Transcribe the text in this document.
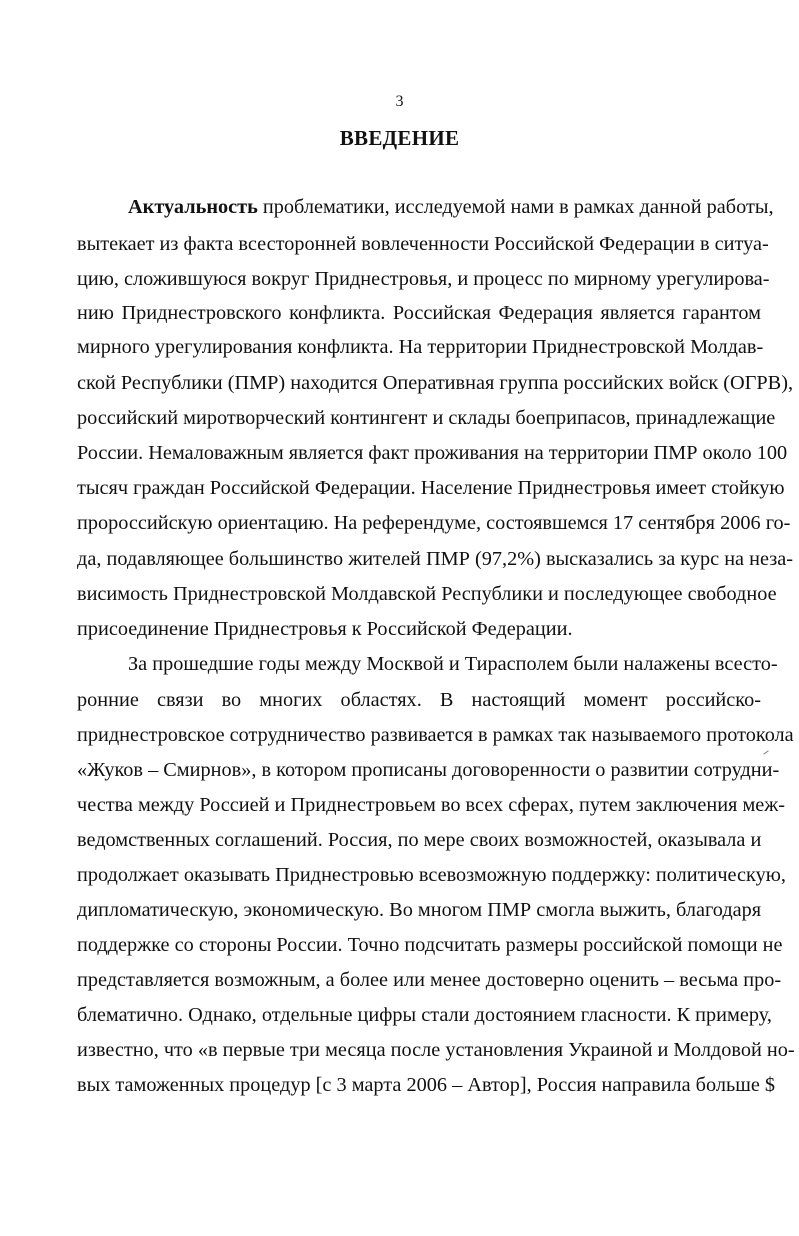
3
ВВЕДЕНИЕ
Актуальность проблематики, исследуемой нами в рамках данной работы,
вытекает из факта всесторонней вовлеченности Российской Федерации в ситуа-
цию, сложившуюся вокруг Приднестровья, и процесс по мирному урегулирова-
нию Приднестровского конфликта. Российская Федерация является гарантом
мирного урегулирования конфликта. На территории Приднестровской Молдав-
ской Республики (ПМР) находится Оперативная группа российских войск (ОГРВ),
российский миротворческий контингент и склады боеприпасов, принадлежащие
России. Немаловажным является факт проживания на территории ПМР около 100
тысяч граждан Российской Федерации. Население Приднестровья имеет стойкую
пророссийскую ориентацию. На референдуме, состоявшемся 17 сентября 2006 го-
да, подавляющее большинство жителей ПМР (97,2%) высказались за курс на неза-
висимость Приднестровской Молдавской Республики и последующее свободное
присоединение Приднестровья к Российской Федерации.
За прошедшие годы между Москвой и Тирасполем были налажены всесто-
ронние связи во многих областях. В настоящий момент российско-
приднестровское сотрудничество развивается в рамках так называемого протокола
«Жуков – Смирнов», в котором прописаны договоренности о развитии сотрудни-
чества между Россией и Приднестровьем во всех сферах, путем заключения меж-
ведомственных соглашений. Россия, по мере своих возможностей, оказывала и
продолжает оказывать Приднестровью всевозможную поддержку: политическую,
дипломатическую, экономическую. Во многом ПМР смогла выжить, благодаря
поддержке со стороны России. Точно подсчитать размеры российской помощи не
представляется возможным, а более или менее достоверно оценить – весьма про-
блематично. Однако, отдельные цифры стали достоянием гласности. К примеру,
известно, что «в первые три месяца после установления Украиной и Молдовой но-
вых таможенных процедур [с 3 марта 2006 – Автор], Россия направила больше $
